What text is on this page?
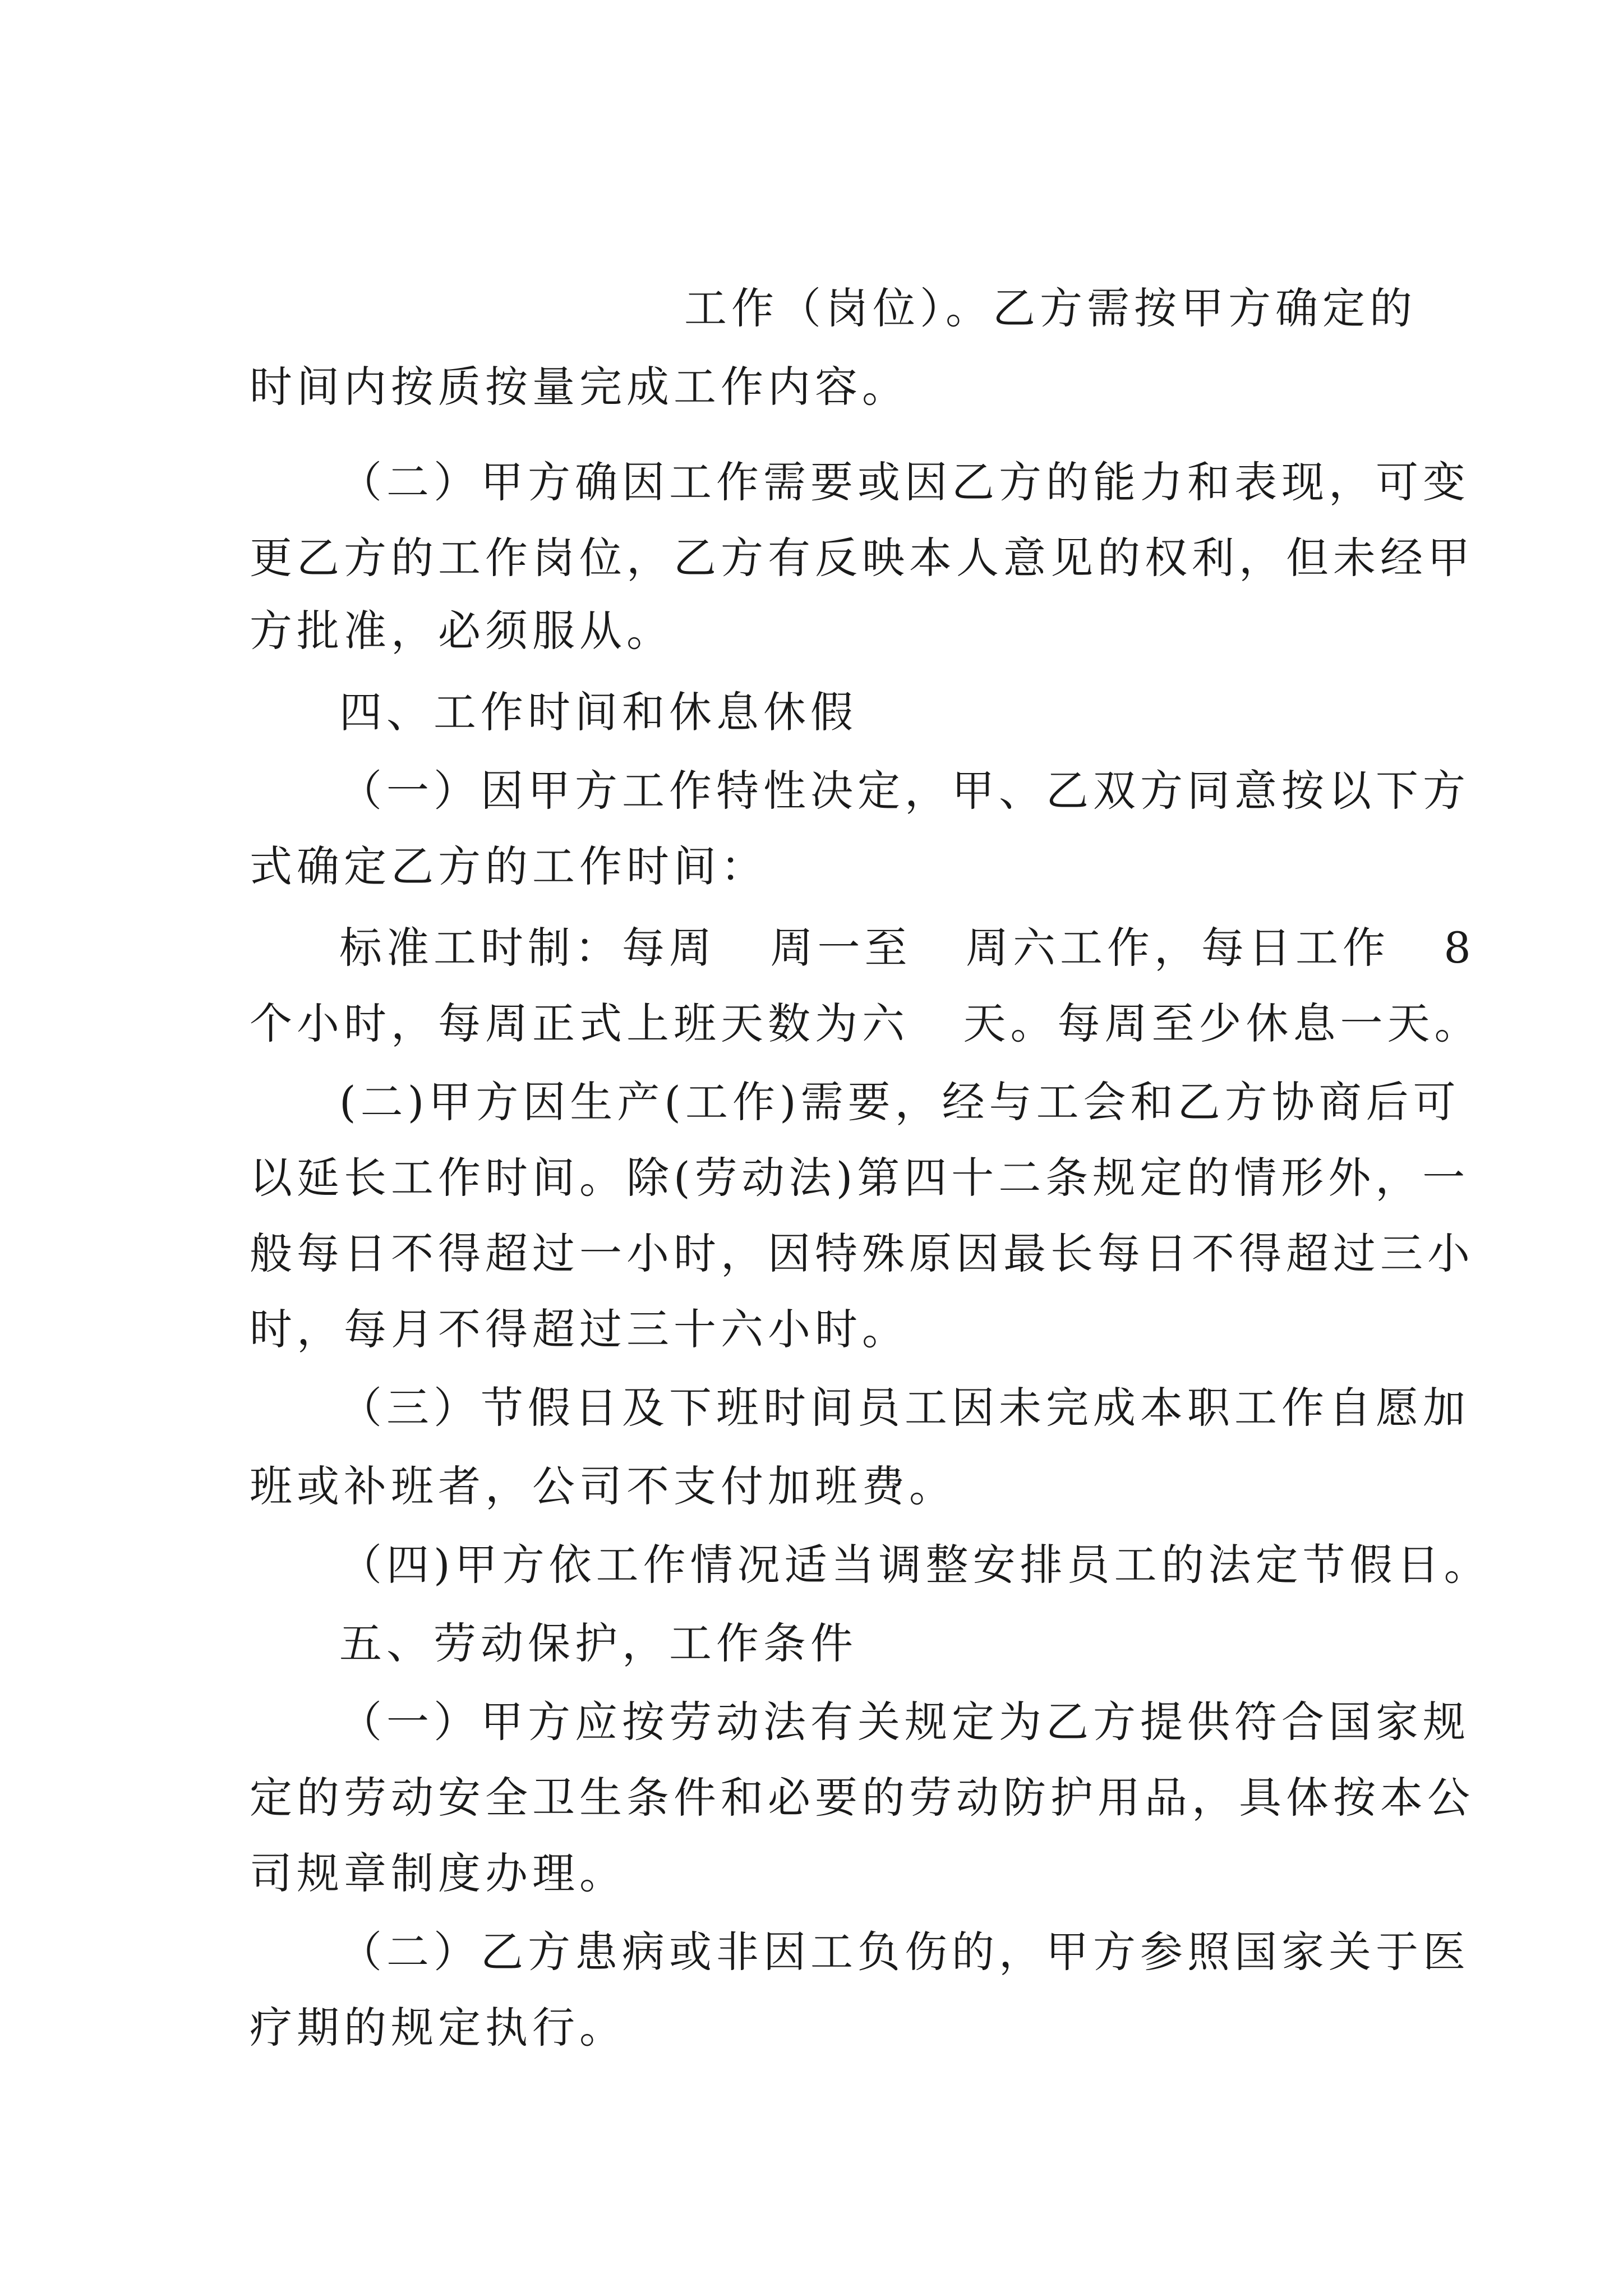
工作（岗位）。乙方需按甲方确定的
时间内按质按量完成工作内容。
（二）甲方确因工作需要或因乙方的能力和表现，可变
更乙方的工作岗位，乙方有反映本人意见的权利，但未经甲
方批准，必须服从。
四、工作时间和休息休假
（一）因甲方工作特性决定，甲、乙双方同意按以下方
式确定乙方的工作时间：
标准工时制：每周   周一至   周六工作，每日工作   8
个小时，每周正式上班天数为六   天。每周至少休息一天。
(二)甲方因生产(工作)需要，经与工会和乙方协商后可
以延长工作时间。除(劳动法)第四十二条规定的情形外，一
般每日不得超过一小时，因特殊原因最长每日不得超过三小
时，每月不得超过三十六小时。
（三）节假日及下班时间员工因未完成本职工作自愿加
班或补班者，公司不支付加班费。
（四)甲方依工作情况适当调整安排员工的法定节假日。
五、劳动保护，工作条件
（一）甲方应按劳动法有关规定为乙方提供符合国家规
定的劳动安全卫生条件和必要的劳动防护用品，具体按本公
司规章制度办理。
（二）乙方患病或非因工负伤的，甲方参照国家关于医
疗期的规定执行。
